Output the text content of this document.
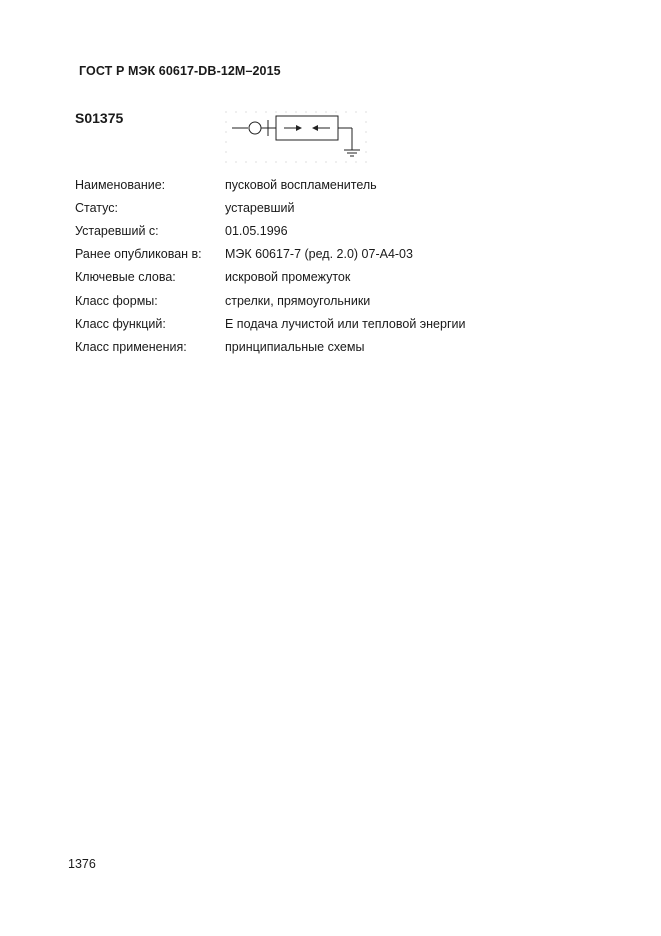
ГОСТ Р МЭК 60617-DB-12M–2015
S01375
Наименование:	пусковой воспламенитель
Статус:	устаревший
Устаревший с:	01.05.1996
Ранее опубликован в:	МЭК 60617-7 (ред. 2.0) 07-A4-03
Ключевые слова:	искровой промежуток
Класс формы:	стрелки, прямоугольники
Класс функций:	E подача лучистой или тепловой энергии
Класс применения:	принципиальные схемы
1376
